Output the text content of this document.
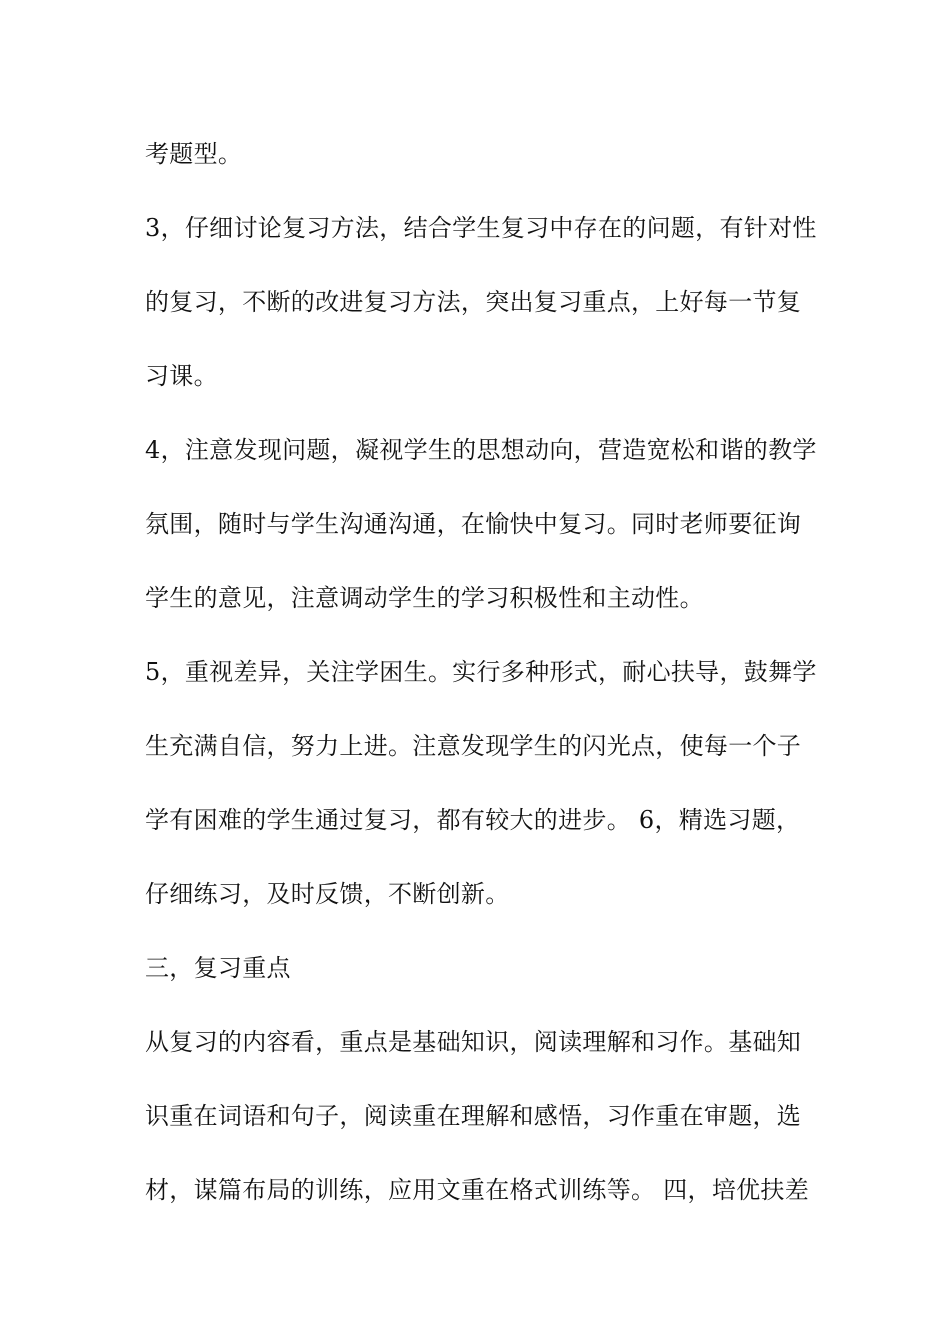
考题型。
3，仔细讨论复习方法，结合学生复习中存在的问题，有针对性
的复习，不断的改进复习方法，突出复习重点，上好每一节复
习课。
4，注意发现问题，凝视学生的思想动向，营造宽松和谐的教学
氛围，随时与学生沟通沟通，在愉快中复习。同时老师要征询
学生的意见，注意调动学生的学习积极性和主动性。
5，重视差异，关注学困生。实行多种形式，耐心扶导，鼓舞学
生充满自信，努力上进。注意发现学生的闪光点，使每一个子
学有困难的学生通过复习，都有较大的进步。 6，精选习题，
仔细练习，及时反馈，不断创新。
三，复习重点
从复习的内容看，重点是基础知识，阅读理解和习作。基础知
识重在词语和句子，阅读重在理解和感悟，习作重在审题，选
材，谋篇布局的训练，应用文重在格式训练等。 四，培优扶差
